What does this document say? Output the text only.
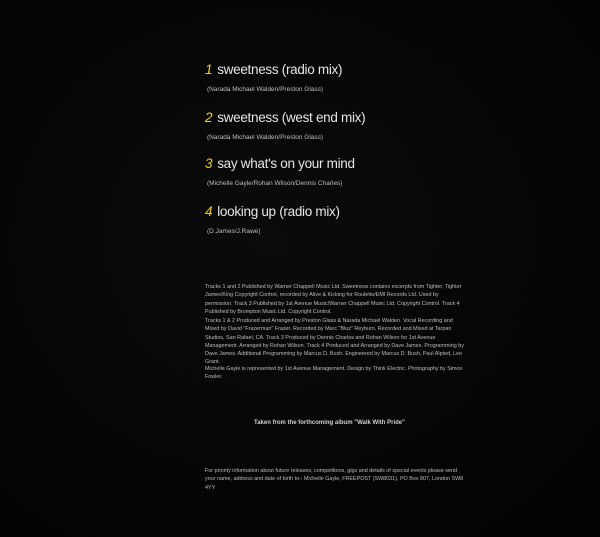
1 sweetness (radio mix)
(Narada Michael Walden/Preston Glass)
2 sweetness (west end mix)
(Narada Michael Walden/Preston Glass)
3 say what's on your mind
(Michelle Gayle/Rohan Wilson/Dennis Charles)
4 looking up (radio mix)
(D.James/J.Rawe)
Tracks 1 and 2 Published by Warner Chappell Music Ltd. Sweetness contains excerpts from Tighter, Tighter James/King Copyright Control, recorded by Alive & Kicking for Roulette/EMI Records Ltd. Used by permission. Track 3 Published by 1st Avenue Music/Warner Chappell Music Ltd. Copyright Control. Track 4 Published by Brompton Music Ltd. Copyright Control.
Tracks 1 & 2 Produced and Arranged by Preston Glass & Narada Michael Walden. Vocal Recording and Mixed by David "Frazerman" Frazer. Recorded by Marc "Bluz" Reyburn. Recorded and Mixed at Tarpan Studios, San Rafael, CA. Track 3 Produced by Dennis Charles and Rohan Wilson for 1st Avenue Management. Arranged by Rohan Wilson. Track 4 Produced and Arranged by Dave James. Programming by Dave James. Additional Programming by Marcus D. Bush. Engineered by Marcus D. Bush, Paul Alpted, Leo Grant.
Michelle Gayle is represented by 1st Avenue Management. Design by Think Electric. Photography by Simon Fowler.
Taken from the forthcoming album "Walk With Pride"
For priority information about future releases, competitions, gigs and details of special events please send your name, address and date of birth to:- Michelle Gayle, FREEPOST (SW8031), PO Box 807, London SW8 4YY
